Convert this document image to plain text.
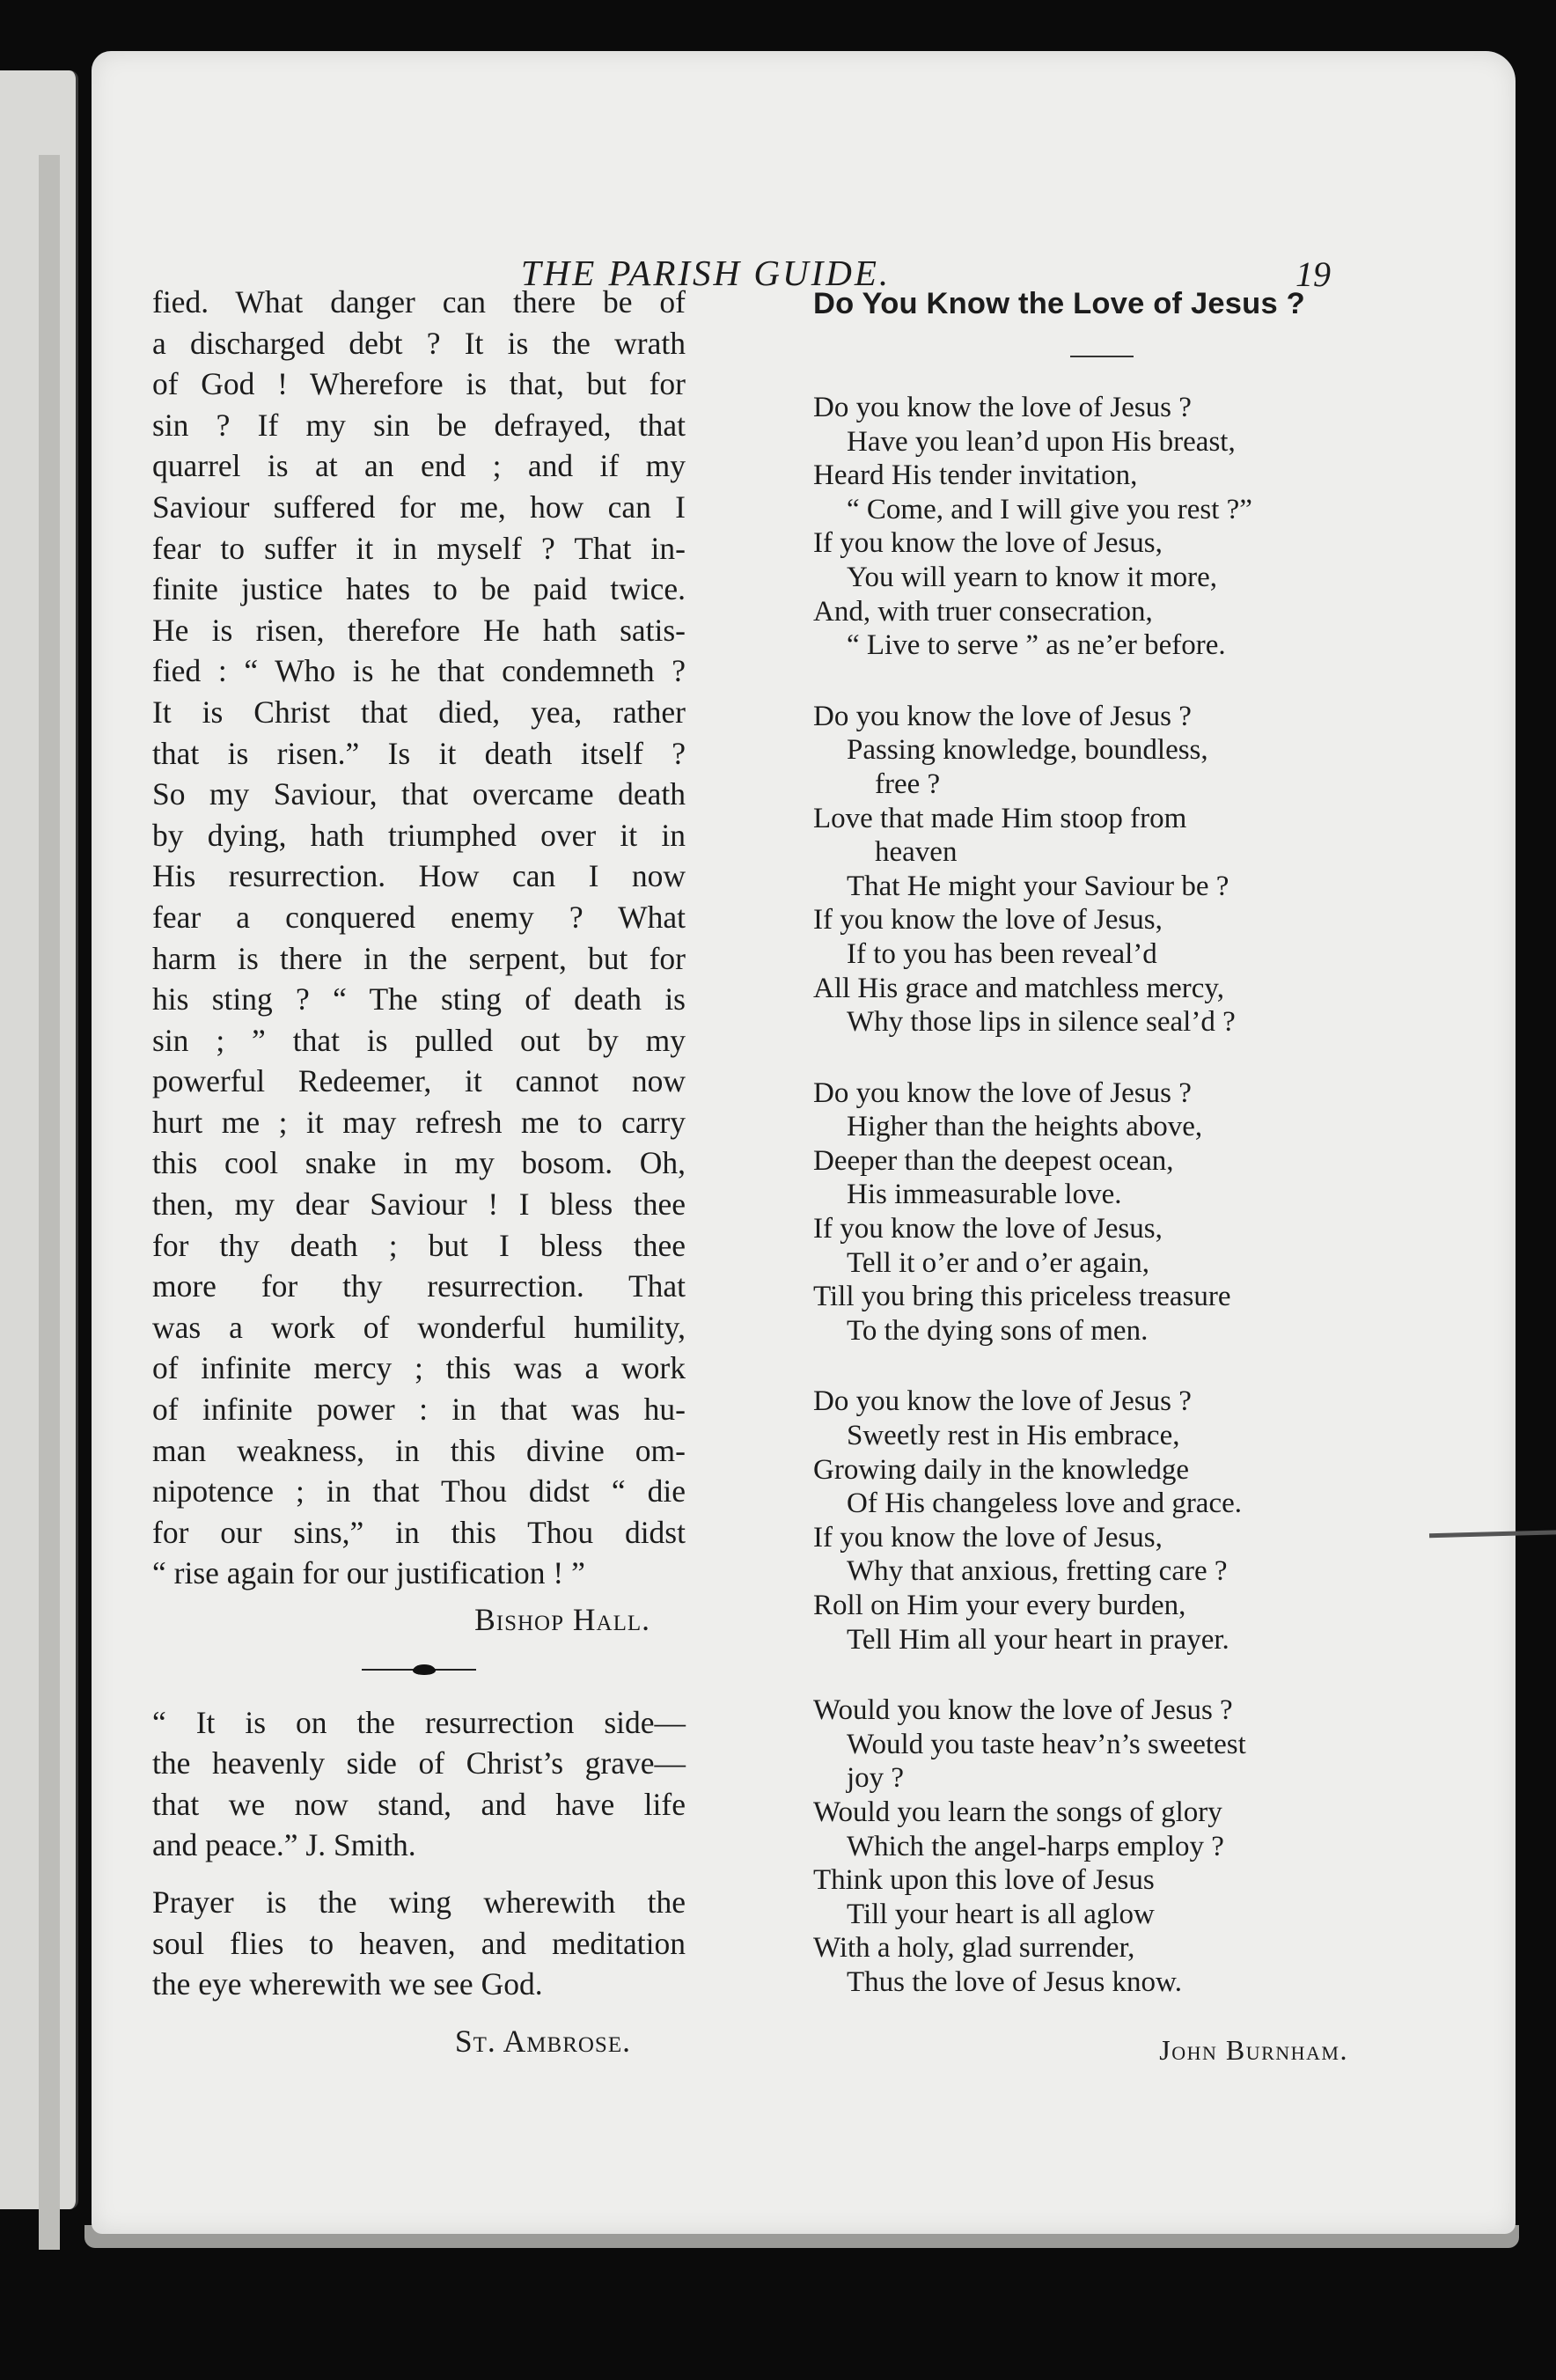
THE PARISH GUIDE.	19
fied. What danger can there be of
a discharged debt ? It is the wrath
of God ! Wherefore is that, but for
sin ? If my sin be defrayed, that
quarrel is at an end ; and if my
Saviour suffered for me, how can I
fear to suffer it in myself ? That in-
finite justice hates to be paid twice.
He is risen, therefore He hath satis-
fied : “ Who is he that condemneth ?
It is Christ that died, yea, rather
that is risen.” Is it death itself ?
So my Saviour, that overcame death
by dying, hath triumphed over it in
His resurrection. How can I now
fear a conquered enemy ? What
harm is there in the serpent, but for
his sting ? “ The sting of death is
sin ; ” that is pulled out by my
powerful Redeemer, it cannot now
hurt me ; it may refresh me to carry
this cool snake in my bosom. Oh,
then, my dear Saviour ! I bless thee
for thy death ; but I bless thee
more for thy resurrection. That
was a work of wonderful humility,
of infinite mercy ; this was a work
of infinite power : in that was hu-
man weakness, in this divine om-
nipotence ; in that Thou didst “ die
for our sins,” in this Thou didst
“ rise again for our justification ! ”
Bishop Hall.
“ It is on the resurrection side—
the heavenly side of Christ’s grave—
that we now stand, and have life
and peace.” J. Smith.
Prayer is the wing wherewith the
soul flies to heaven, and meditation
the eye wherewith we see God.
St. Ambrose.
Do You Know the Love of Jesus ?
Do you know the love of Jesus ?
Have you lean’d upon His breast,
Heard His tender invitation,
“ Come, and I will give you rest ?”
If you know the love of Jesus,
You will yearn to know it more,
And, with truer consecration,
“ Live to serve ” as ne’er before.
Do you know the love of Jesus ?
Passing knowledge, boundless,
free ?
Love that made Him stoop from
heaven
That He might your Saviour be ?
If you know the love of Jesus,
If to you has been reveal’d
All His grace and matchless mercy,
Why those lips in silence seal’d ?
Do you know the love of Jesus ?
Higher than the heights above,
Deeper than the deepest ocean,
His immeasurable love.
If you know the love of Jesus,
Tell it o’er and o’er again,
Till you bring this priceless treasure
To the dying sons of men.
Do you know the love of Jesus ?
Sweetly rest in His embrace,
Growing daily in the knowledge
Of His changeless love and grace.
If you know the love of Jesus,
Why that anxious, fretting care ?
Roll on Him your every burden,
Tell Him all your heart in prayer.
Would you know the love of Jesus ?
Would you taste heav’n’s sweetest
joy ?
Would you learn the songs of glory
Which the angel-harps employ ?
Think upon this love of Jesus
Till your heart is all aglow
With a holy, glad surrender,
Thus the love of Jesus know.
John Burnham.
